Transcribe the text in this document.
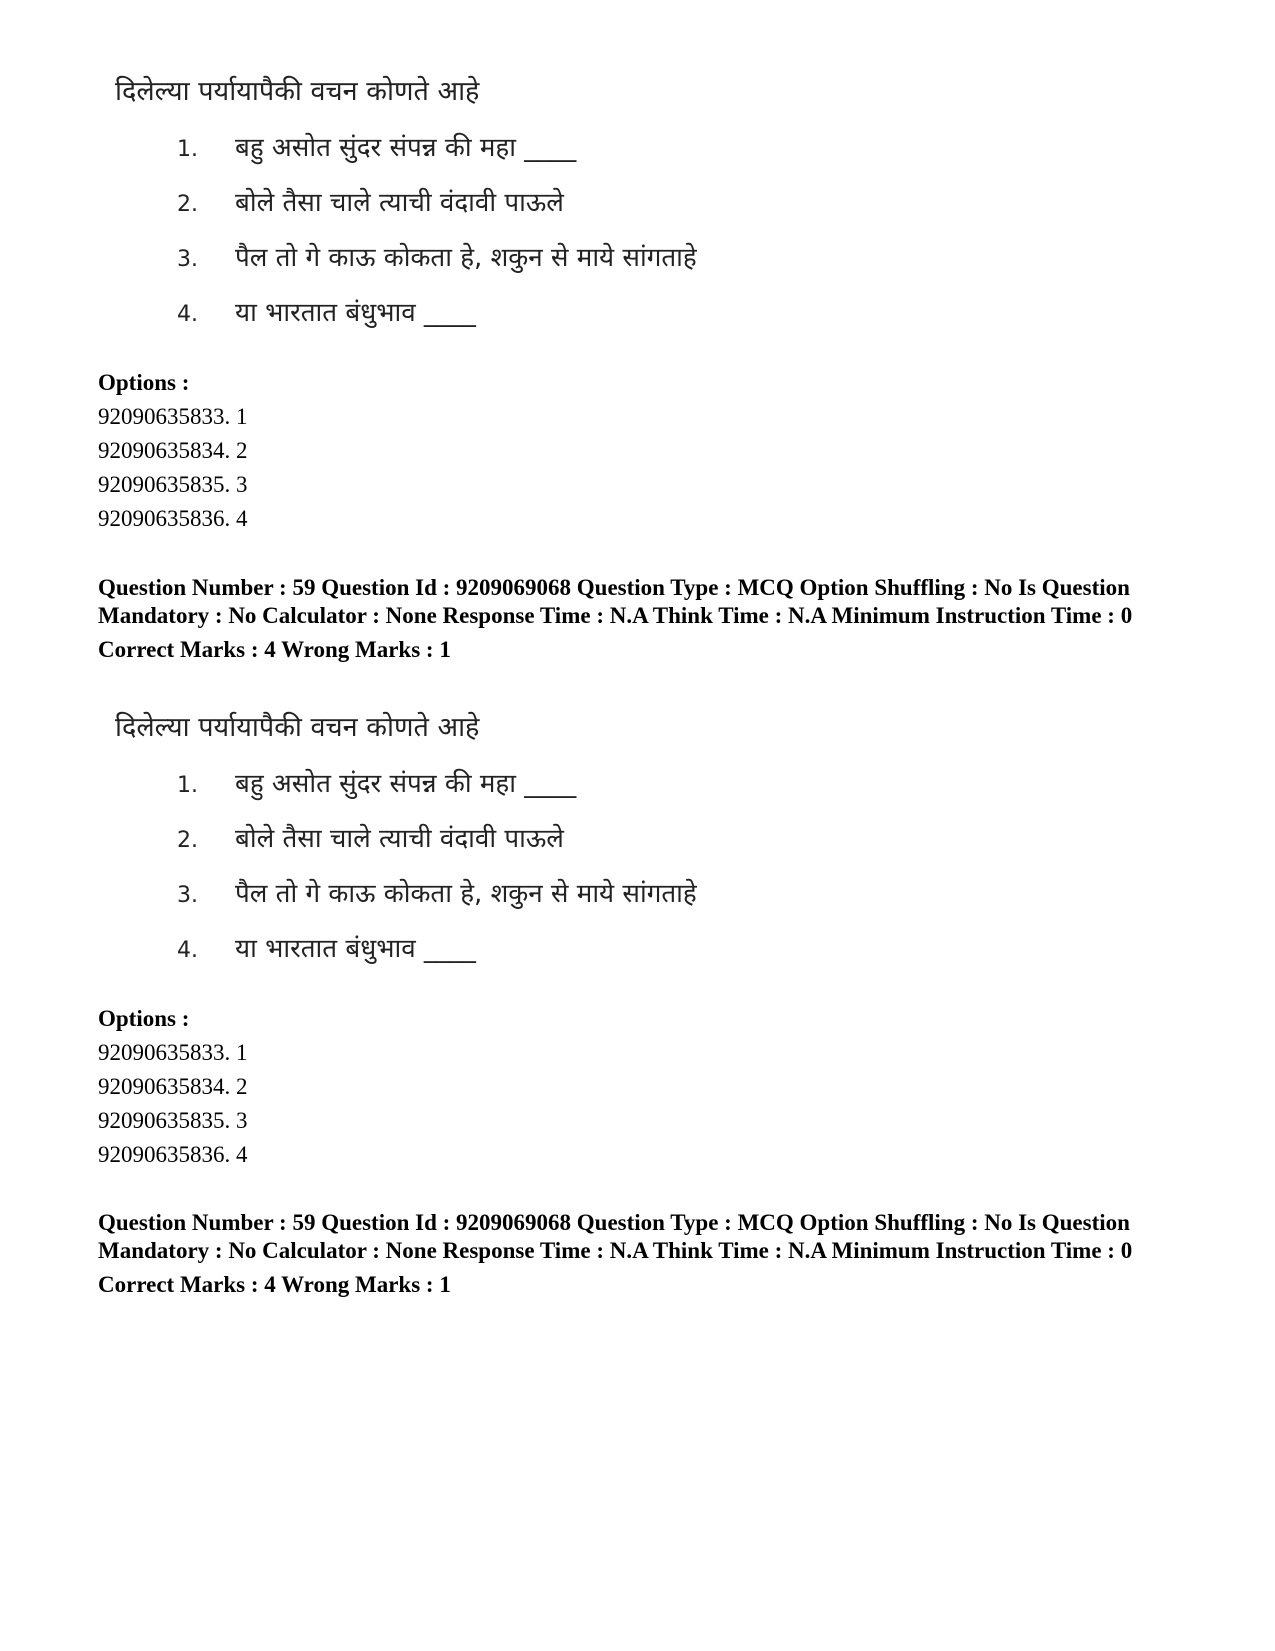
दिलेल्या पर्यायापैकी वचन कोणते आहे
1. बहु असोत सुंदर संपन्न की महा ____
2. बोले तैसा चाले त्याची वंदावी पाऊले
3. पैल तो गे काऊ कोकता हे, शकुन से माये सांगताहे
4. या भारतात बंधुभाव ____
Options :
92090635833. 1
92090635834. 2
92090635835. 3
92090635836. 4
Question Number : 59 Question Id : 9209069068 Question Type : MCQ Option Shuffling : No Is Question Mandatory : No Calculator : None Response Time : N.A Think Time : N.A Minimum Instruction Time : 0
Correct Marks : 4 Wrong Marks : 1
दिलेल्या पर्यायापैकी वचन कोणते आहे
1. बहु असोत सुंदर संपन्न की महा ____
2. बोले तैसा चाले त्याची वंदावी पाऊले
3. पैल तो गे काऊ कोकता हे, शकुन से माये सांगताहे
4. या भारतात बंधुभाव ____
Options :
92090635833. 1
92090635834. 2
92090635835. 3
92090635836. 4
Question Number : 59 Question Id : 9209069068 Question Type : MCQ Option Shuffling : No Is Question Mandatory : No Calculator : None Response Time : N.A Think Time : N.A Minimum Instruction Time : 0
Correct Marks : 4 Wrong Marks : 1
